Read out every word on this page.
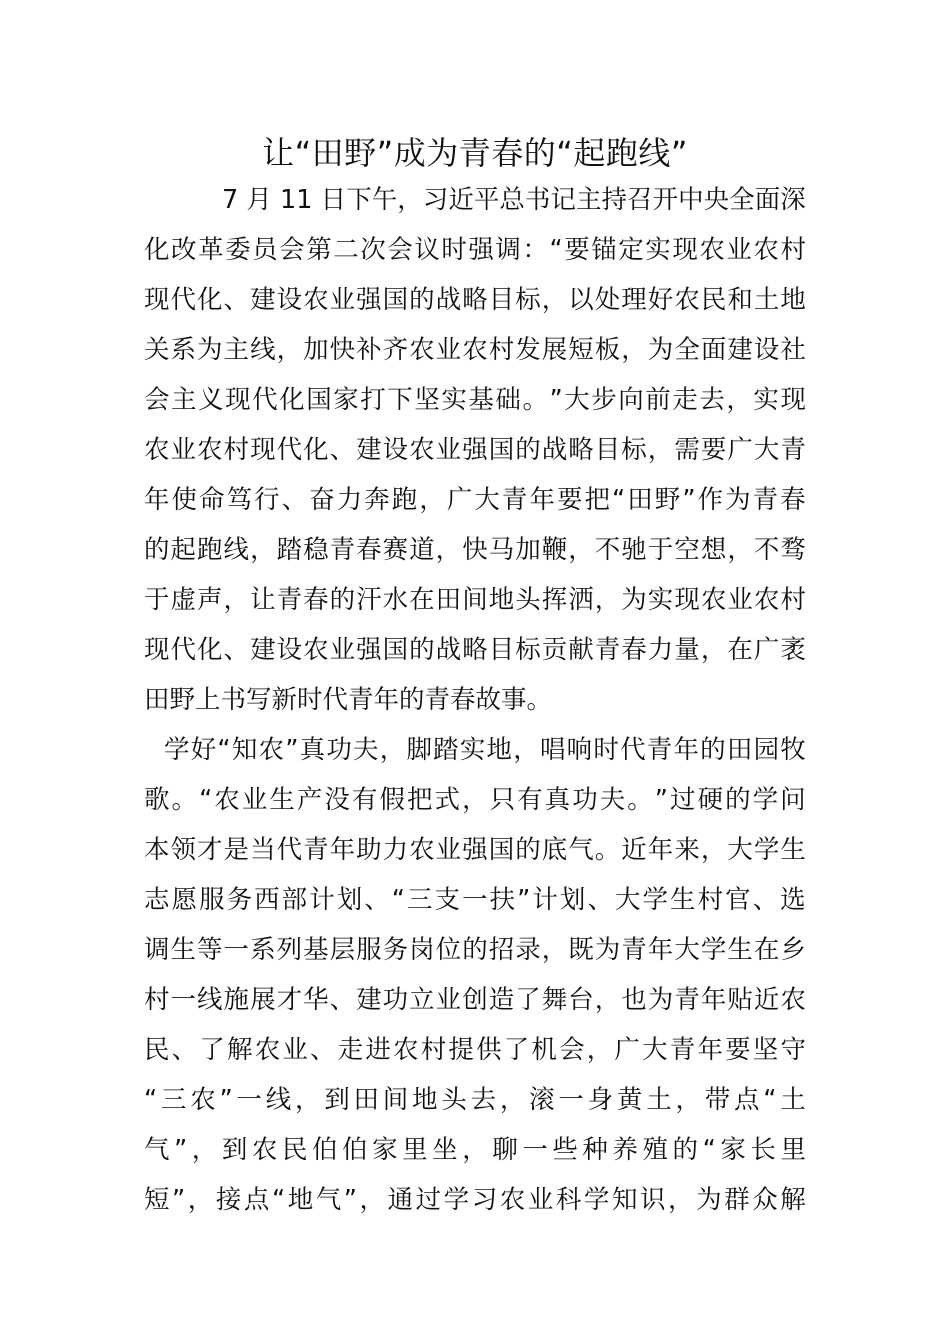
让“田野”成为青春的“起跑线”
7
月
1 1
日 下 午 ， 习 近 平 总 书 记 主 持 召 开 中 央 全 面 深
化 改 革 委 员 会 第 二 次 会 议 时 强 调 ： “ 要 锚 定 实 现 农 业 农 村
现 代 化 、 建 设 农 业 强 国 的 战 略 目 标 ， 以 处 理 好 农 民 和 土 地
关 系 为 主 线 ， 加 快 补 齐 农 业 农 村 发 展 短 板 ， 为 全 面 建 设 社
会 主 义 现 代 化 国 家 打 下 坚 实 基 础 。 ” 大 步 向 前 走 去 ， 实 现
农 业 农 村 现 代 化 、 建 设 农 业 强 国 的 战 略 目 标 ， 需 要 广 大 青
年 使 命 笃 行 、 奋 力 奔 跑 ， 广 大 青 年 要 把 “ 田 野 ” 作 为 青 春
的 起 跑 线 ， 踏 稳 青 春 赛 道 ， 快 马 加 鞭 ， 不 驰 于 空 想 ， 不 骛
于 虚 声 ， 让 青 春 的 汗 水 在 田 间 地 头 挥 洒 ， 为 实 现 农 业 农 村
现 代 化 、 建 设 农 业 强 国 的 战 略 目 标 贡 献 青 春 力 量 ， 在 广 袤
田野上书写新时代青年的青春故事。
学 好 “ 知 农 ” 真 功 夫 ， 脚 踏 实 地 ， 唱 响 时 代 青 年 的 田 园 牧
歌 。 “ 农 业 生 产 没 有 假 把 式 ， 只 有 真 功 夫 。 ” 过 硬 的 学 问
本 领 才 是 当 代 青 年 助 力 农 业 强 国 的 底 气 。 近 年 来 ， 大 学 生
志 愿 服 务 西 部 计 划 、 “ 三 支 一 扶 ” 计 划 、 大 学 生 村 官 、 选
调 生 等 一 系 列 基 层 服 务 岗 位 的 招 录 ， 既 为 青 年 大 学 生 在 乡
村 一 线 施 展 才 华 、 建 功 立 业 创 造 了 舞 台 ， 也 为 青 年 贴 近 农
民 、 了 解 农 业 、 走 进 农 村 提 供 了 机 会 ， 广 大 青 年 要 坚 守
“ 三 农 ” 一 线 ， 到 田 间 地 头 去 ， 滚 一 身 黄 土 ， 带 点 “ 土
气 ” ， 到 农 民 伯 伯 家 里 坐 ， 聊 一 些 种 养 殖 的 “ 家 长 里
短 ” ， 接 点 “ 地 气 ” ， 通 过 学 习 农 业 科 学 知 识 ， 为 群 众 解
